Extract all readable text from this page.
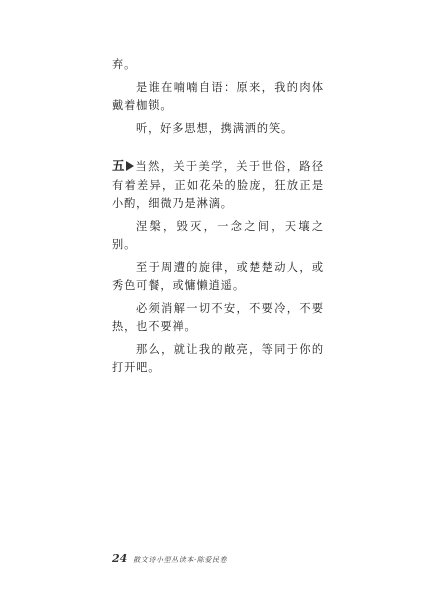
弃。

是谁在喃喃自语：原来，我的肉体戴着枷锁。

听，好多思想，携满洒的笑。

五 当然，关于美学，关于世俗，路径有着差异，正如花朵的脸庞，狂放正是小酌，细微乃是淋漓。

涅槃，毁灭，一念之间，天壤之别。

至于周遭的旋律，或楚楚动人，或秀色可餐，或慵懒逍遥。

必须消解一切不安，不要冷，不要热，也不要禅。

那么，就让我的敞亮，等同于你的打开吧。

24 散文诗小型丛读本·陈爱民卷
